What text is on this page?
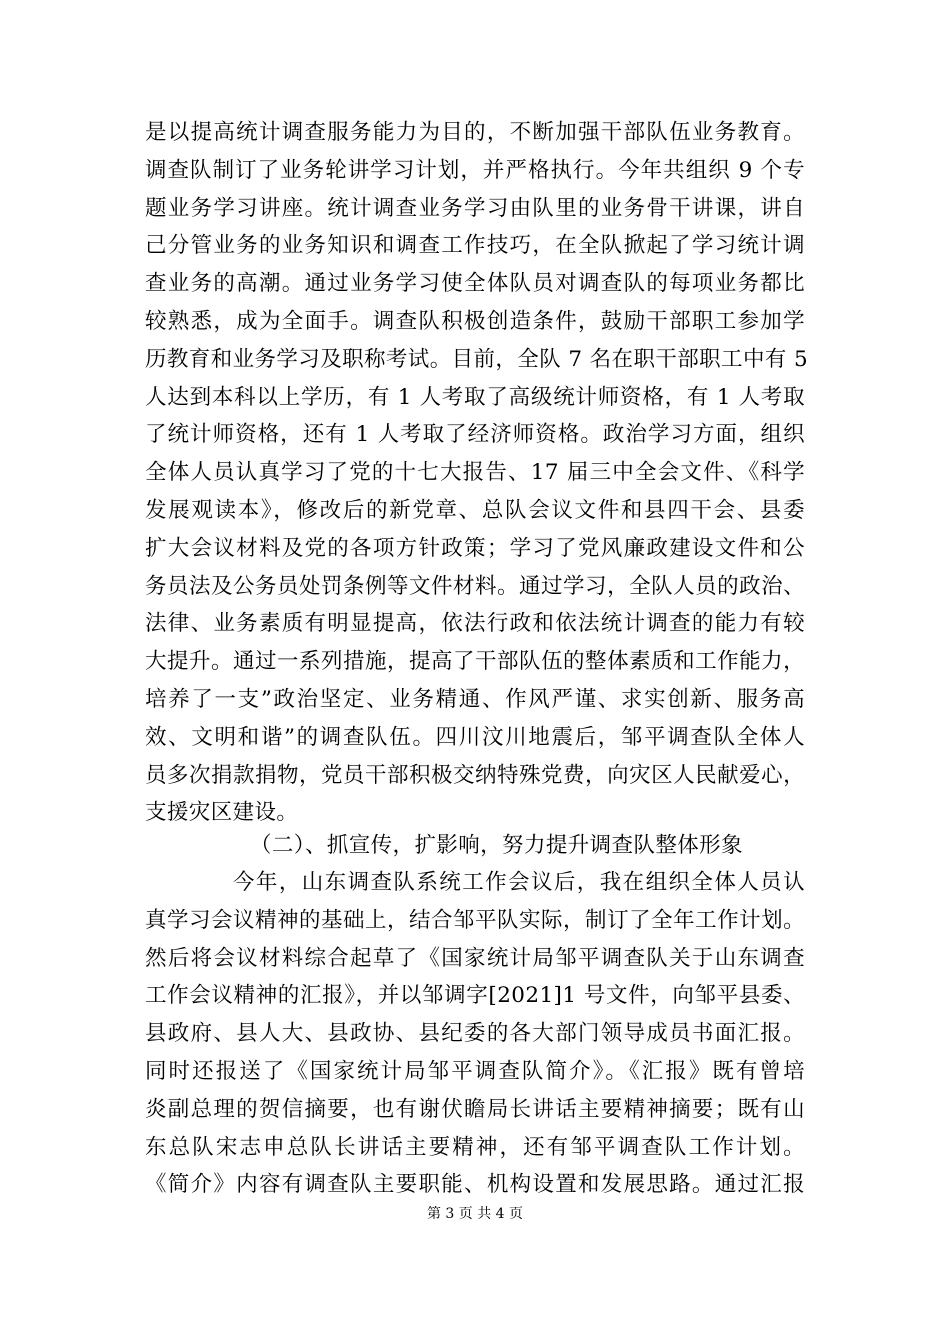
是以提高统计调查服务能力为目的，不断加强干部队伍业务教育。
调查队制订了业务轮讲学习计划，并严格执行。今年共组织 9 个专
题业务学习讲座。统计调查业务学习由队里的业务骨干讲课，讲自
己分管业务的业务知识和调查工作技巧，在全队掀起了学习统计调
查业务的高潮。通过业务学习使全体队员对调查队的每项业务都比
较熟悉，成为全面手。调查队积极创造条件，鼓励干部职工参加学
历教育和业务学习及职称考试。目前，全队 7 名在职干部职工中有 5
人达到本科以上学历，有 1 人考取了高级统计师资格，有 1 人考取
了统计师资格，还有 1 人考取了经济师资格。政治学习方面，组织
全体人员认真学习了党的十七大报告、17 届三中全会文件、《科学
发展观读本》，修改后的新党章、总队会议文件和县四干会、县委
扩大会议材料及党的各项方针政策；学习了党风廉政建设文件和公
务员法及公务员处罚条例等文件材料。通过学习，全队人员的政治、
法律、业务素质有明显提高，依法行政和依法统计调查的能力有较
大提升。通过一系列措施，提高了干部队伍的整体素质和工作能力，
培养了一支”政治坚定、业务精通、作风严谨、求实创新、服务高
效、文明和谐”的调查队伍。四川汶川地震后，邹平调查队全体人
员多次捐款捐物，党员干部积极交纳特殊党费，向灾区人民献爱心，
支援灾区建设。
（二）、抓宣传，扩影响，努力提升调查队整体形象
今年，山东调查队系统工作会议后，我在组织全体人员认
真学习会议精神的基础上，结合邹平队实际，制订了全年工作计划。
然后将会议材料综合起草了《国家统计局邹平调查队关于山东调查
工作会议精神的汇报》，并以邹调字[2021]1 号文件，向邹平县委、
县政府、县人大、县政协、县纪委的各大部门领导成员书面汇报。
同时还报送了《国家统计局邹平调查队简介》。《汇报》既有曾培
炎副总理的贺信摘要，也有谢伏瞻局长讲话主要精神摘要；既有山
东总队宋志申总队长讲话主要精神，还有邹平调查队工作计划。
《简介》内容有调查队主要职能、机构设置和发展思路。通过汇报
第 3 页 共 4 页
